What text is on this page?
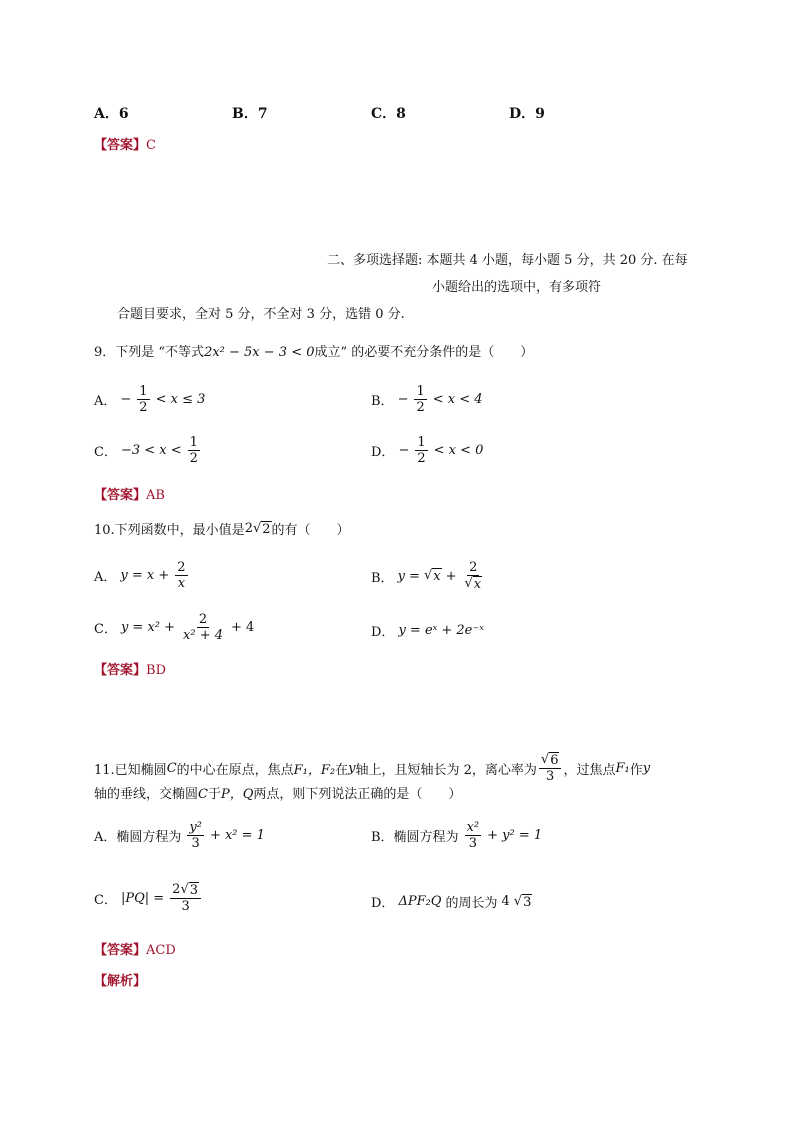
A．6	B．7	C．8	D．9
【答案】C
二、多项选择题: 本题共 4 小题，每小题 5 分，共 20 分. 在每
小题给出的选项中，有多项符
合题目要求，全对 5 分，不全对 3 分，选错 0 分.
9．下列是 “不等式2x² − 5x − 3 < 0成立” 的必要不充分条件的是（　　）
A． − $\frac{1}{2} < x \le 3$	B． − $\frac{1}{2} < x < 4$
C． $-3 < x < \frac{1}{2}$	D． − $\frac{1}{2} < x < 0$
【答案】AB
10.下列函数中，最小值是 2 √ 2 的有（　　）
A． $y = x + \frac{2}{x}$	B． y = √ $x + \frac{2}{√ x}$
C． $y = x^2 + \frac{2}{\text{x² + 4}} + 4$	D． y = eˣ + 2e⁻ˣ
【答案】BD
11.已知椭圆 C 的中心在原点，焦点 F₁，F₂ 在 y 轴上，且短轴长为 2，离心率为 $\frac{√ 6}{3}$ ，过焦点 F₁ 作 y
轴的垂线，交椭圆C于P，Q两点，则下列说法正确的是（　　）
A．椭圆方程为 $\frac{\text{y²}}{3} + x^2 = 1$	B．椭圆方程为 $\frac{\text{x²}}{3} + y^2 = 1$
C． $|PQ| = \frac{2√ 3}{3}$	D． ΔPF₂Q 的周长为 4 √ 3
【答案】ACD
【解析】
